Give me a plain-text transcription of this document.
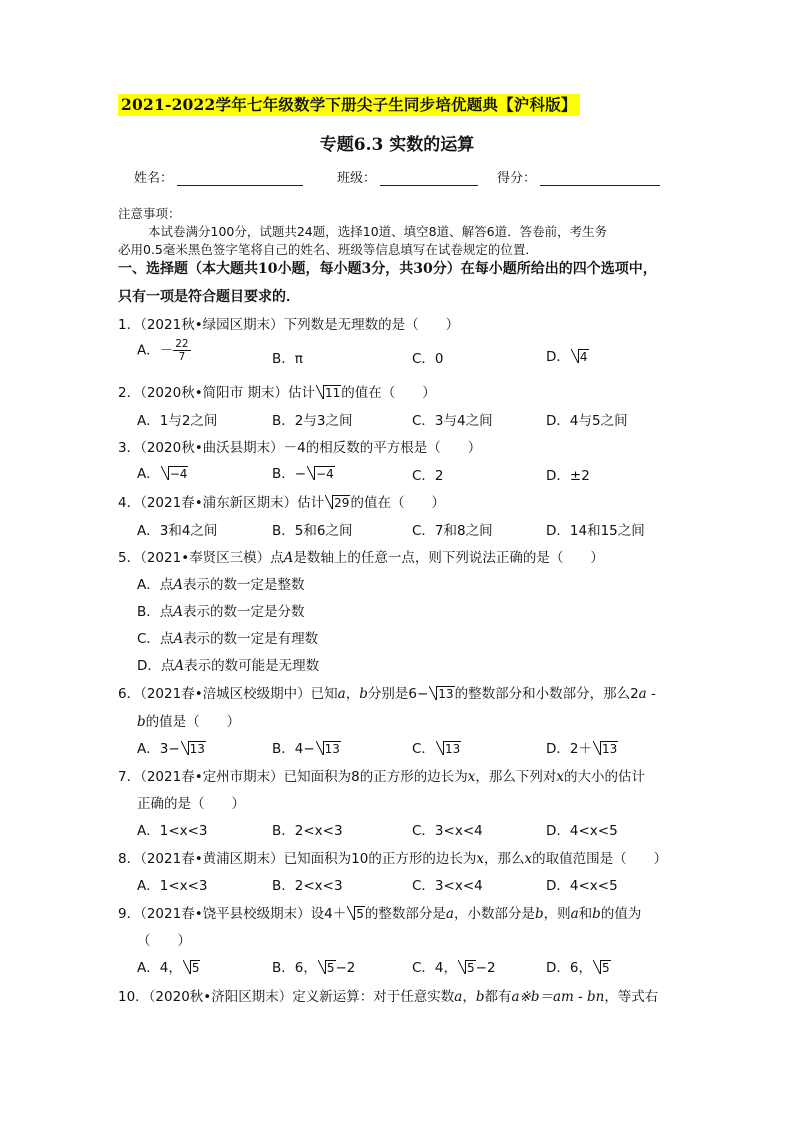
2021-2022学年七年级数学下册尖子生同步培优题典【沪科版】
专题6.3 实数的运算
姓名：	班级：	得分：
注意事项：
本试卷满分100分，试题共24题，选择10道、填空8道、解答6道．答卷前，考生务
必用0.5毫米黑色签字笔将自己的姓名、班级等信息填写在试卷规定的位置．
一、选择题（本大题共10小题，每小题3分，共30分）在每小题所给出的四个选项中，
只有一项是符合题目要求的．
1．（2021秋•绿园区期末）下列数是无理数的是（　　）
A．－ $\frac{22}{7}$	B．π	C．0	D． 4
2．（2020秋•简阳市 期末）估计 11的值在（　　）
A．1与2之间	B．2与3之间	C．3与4之间	D．4与5之间
3．（2020秋•曲沃县期末）－4的相反数的平方根是（　　）
A． −4	B．− −4	C．2	D．±2
4．（2021春•浦东新区期末）估计 29的值在（　　）
A．3和4之间	B．5和6之间	C．7和8之间	D．14和15之间
5．（2021•奉贤区三模）点A是数轴上的任意一点，则下列说法正确的是（　　）
A．点A表示的数一定是整数
B．点A表示的数一定是分数
C．点A表示的数一定是有理数
D．点A表示的数可能是无理数
6．（2021春•涪城区校级期中）已知a，b分别是6− 13的整数部分和小数部分，那么2a -
b的值是（　　）
A．3− 13	B．4− 13	C． 13	D．2＋ 13
7．（2021春•定州市期末）已知面积为8的正方形的边长为x，那么下列对x的大小的估计
正确的是（　　）
A．1<x<3	B．2<x<3	C．3<x<4	D．4<x<5
8．（2021春•黄浦区期末）已知面积为10的正方形的边长为x，那么x的取值范围是（　　）
A．1<x<3	B．2<x<3	C．3<x<4	D．4<x<5
9．（2021春•饶平县校级期末）设4＋ 5的整数部分是a，小数部分是b，则a和b的值为
（　　）
A．4， 5	B．6， 5−2	C．4， 5−2	D．6， 5
10．（2020秋•济阳区期末）定义新运算：对于任意实数a，b都有a※b＝am - bn，等式右
